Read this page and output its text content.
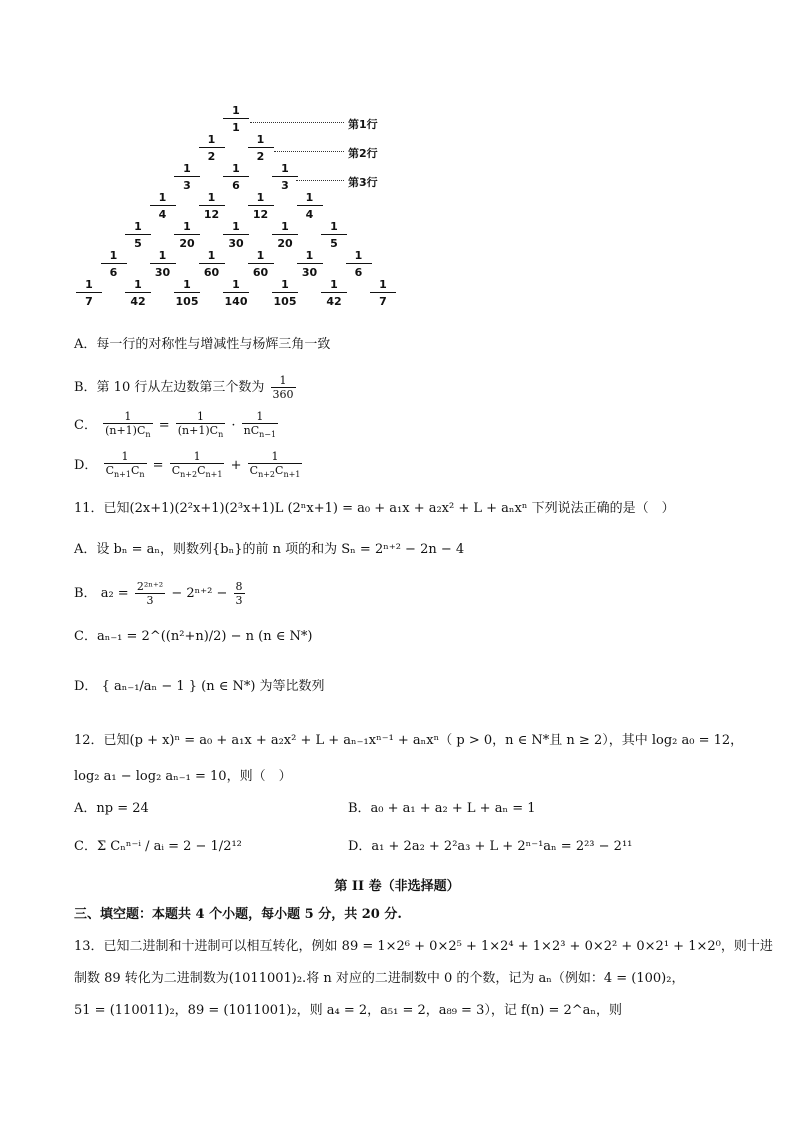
1
1
1
2
1
2
1
3
1
6
1
3
1
4
1
12
1
12
1
4
1
5
1
20
1
30
1
20
1
5
1
6
1
30
1
60
1
60
1
30
1
6
1
7
1
42
1
105
1
140
1
105
1
42
1
7
第1行
第2行
第3行
A．每一行的对称性与增减性与杨辉三角一致
B．第 10 行从左边数第三个数为 $\frac{1}{360}$
C． $\frac{1}{(n+1)C_n} = \frac{1}{(n+1)C_n} \cdot \frac{1}{nC_{n-1}}$
D． $\frac{1}{C_{n+1}C_n} = \frac{1}{C_{n+2}C_{n+1}} + \frac{1}{C_{n+2}C_{n+1}}$
11．已知(2x+1)(2²x+1)(2³x+1)L (2ⁿx+1) = a₀ + a₁x + a₂x² + L + aₙxⁿ 下列说法正确的是（　）
A．设 bₙ = aₙ，则数列{bₙ}的前 n 项的和为 Sₙ = 2ⁿ⁺² − 2n − 4
B． $a_2 = \frac{\text{2²ⁿ⁺²}}{3} - 2^{n+2} - \frac{8}{3}$
C．aₙ₋₁ = 2^((n²+n)/2) − n (n ∈ N*)
D． { aₙ₋₁/aₙ − 1 } (n ∈ N*) 为等比数列
12．已知(p + x)ⁿ = a₀ + a₁x + a₂x² + L + aₙ₋₁xⁿ⁻¹ + aₙxⁿ（ p > 0，n ∈ N*且 n ≥ 2），其中 log₂ a₀ = 12，
log₂ a₁ − log₂ aₙ₋₁ = 10，则（　）
A．np = 24	B．a₀ + a₁ + a₂ + L + aₙ = 1
C．Σ Cₙⁿ⁻ⁱ / aᵢ = 2 − 1/2¹²	D．a₁ + 2a₂ + 2²a₃ + L + 2ⁿ⁻¹aₙ = 2²³ − 2¹¹
第 II 卷（非选择题）
三、填空题：本题共 4 个小题，每小题 5 分，共 20 分.
13．已知二进制和十进制可以相互转化，例如 89 = 1×2⁶ + 0×2⁵ + 1×2⁴ + 1×2³ + 0×2² + 0×2¹ + 1×2⁰，则十进
制数 89 转化为二进制数为(1011001)₂.将 n 对应的二进制数中 0 的个数，记为 aₙ（例如：4 = (100)₂，
51 = (110011)₂，89 = (1011001)₂，则 a₄ = 2，a₅₁ = 2，a₈₉ = 3），记 f(n) = 2^aₙ，则
